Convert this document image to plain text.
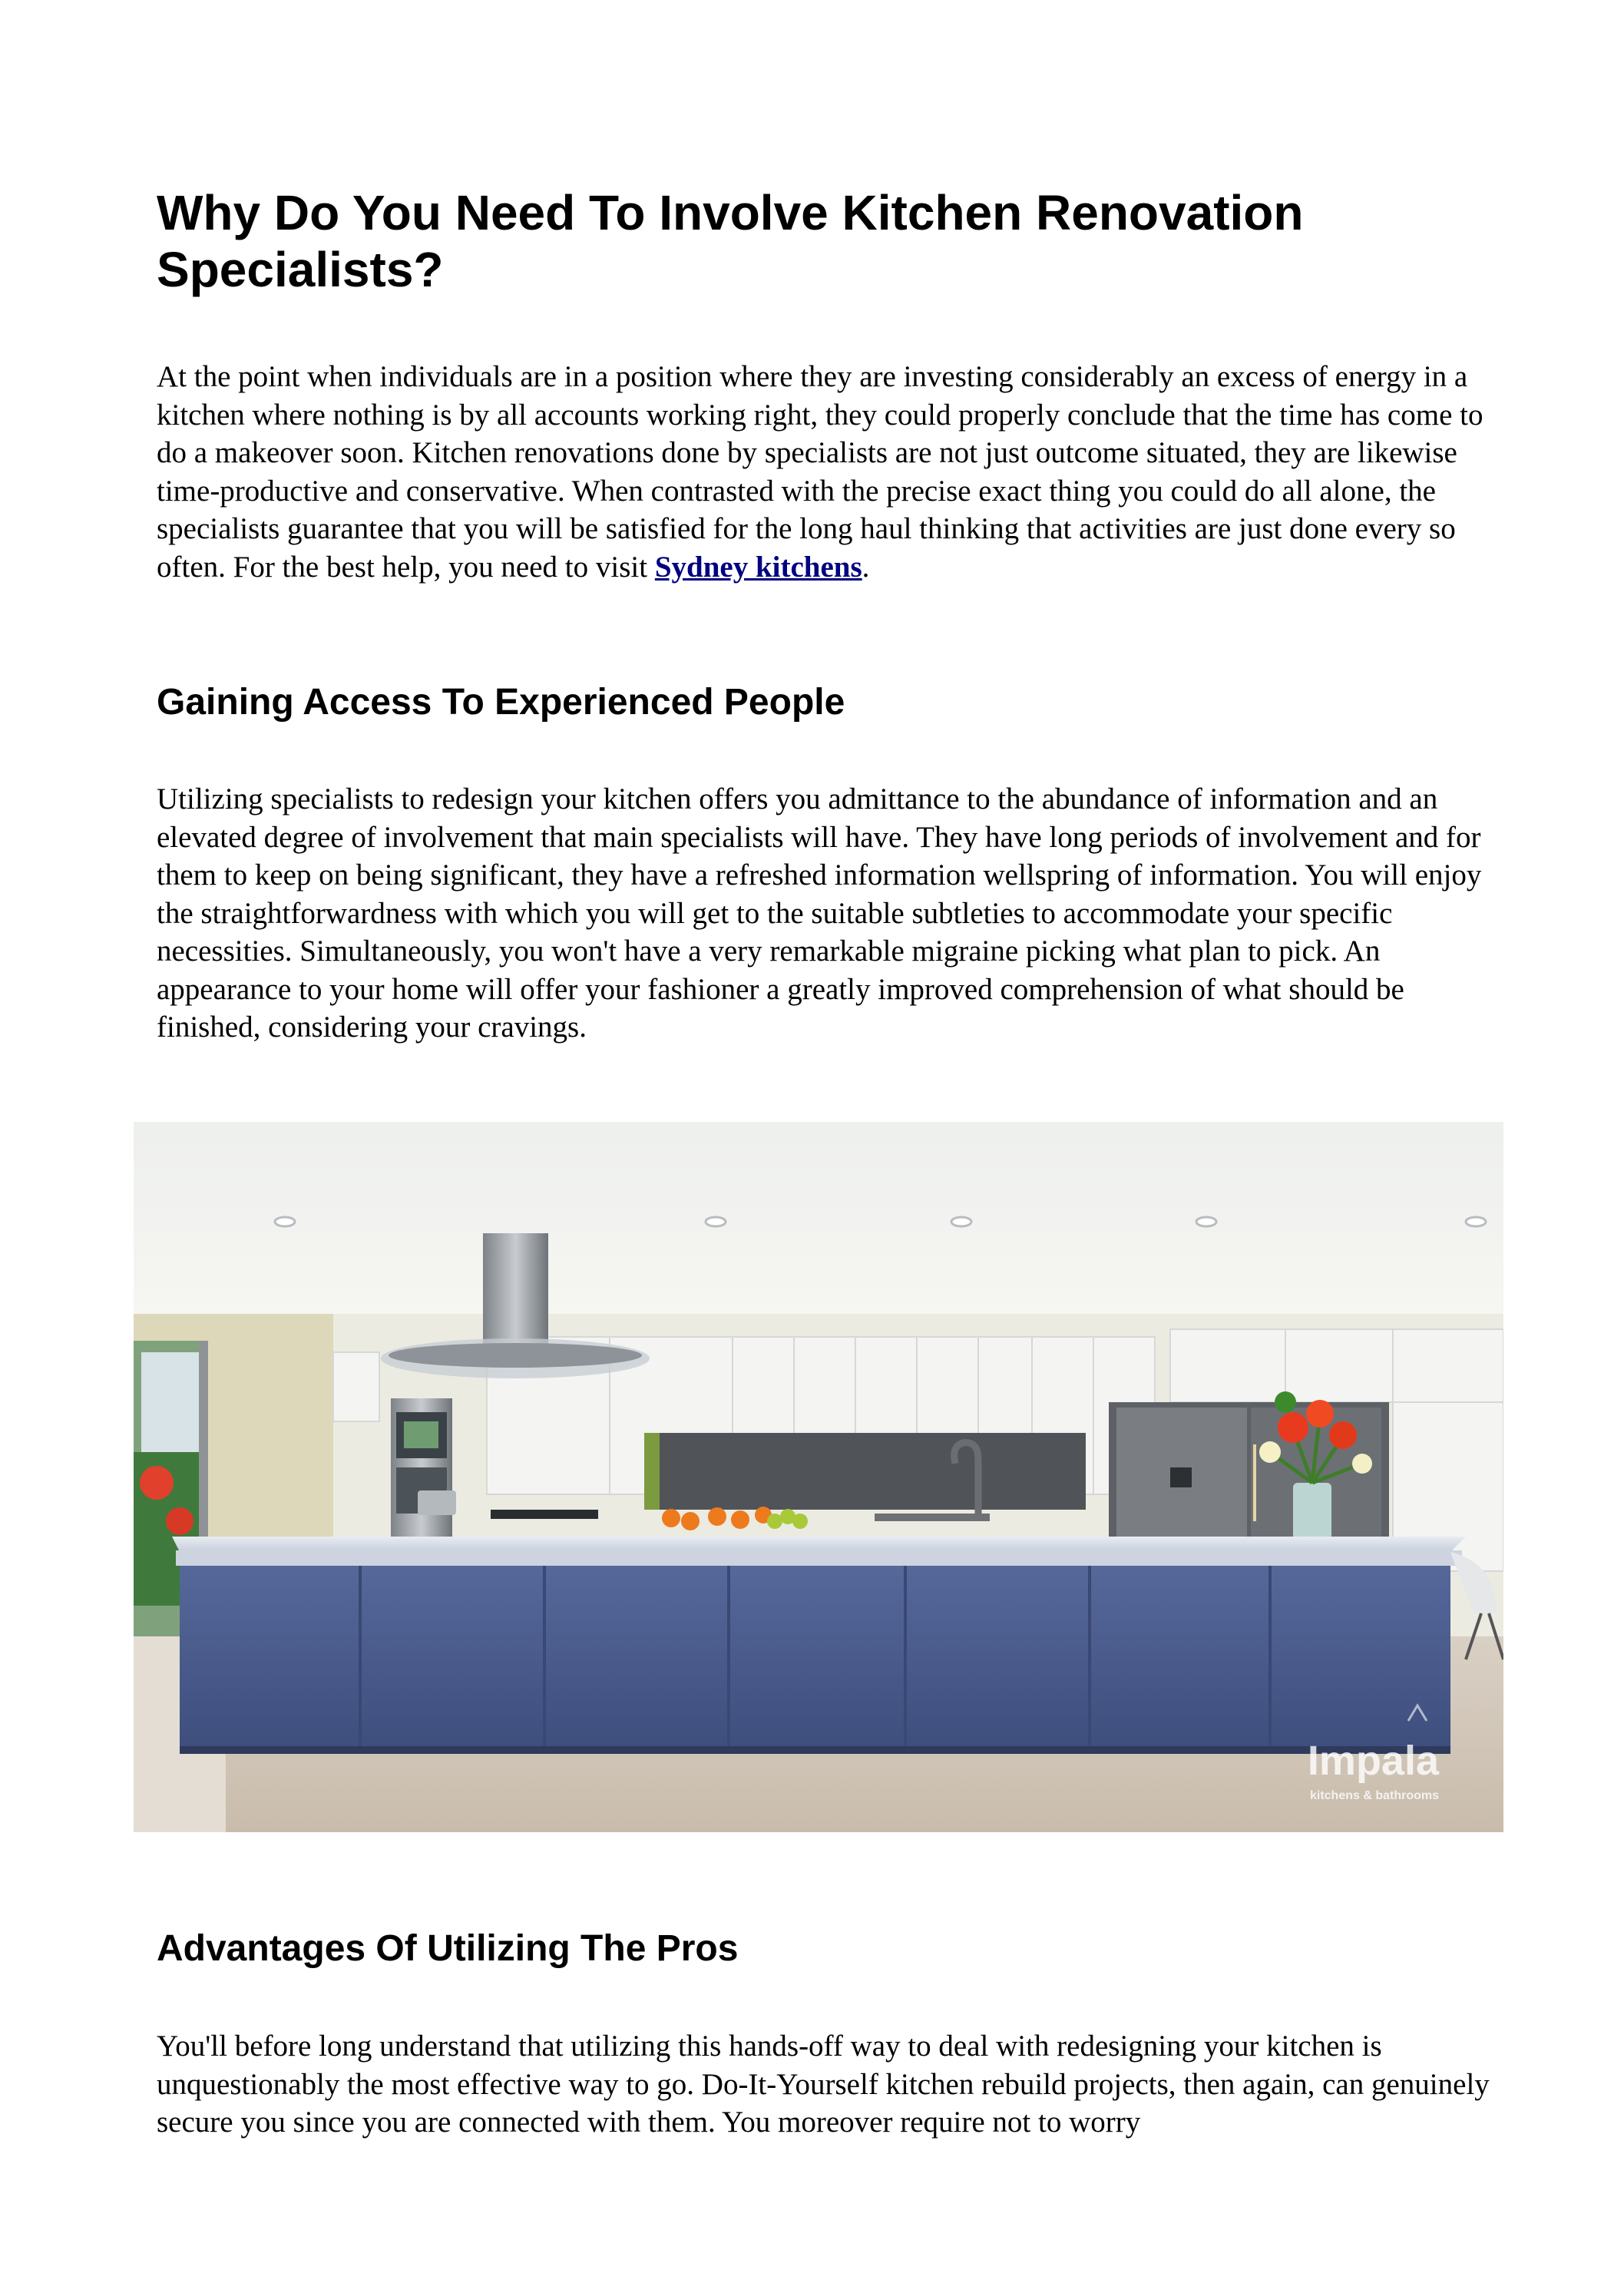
Why Do You Need To Involve Kitchen Renovation Specialists?

At the point when individuals are in a position where they are investing considerably an excess of energy in a kitchen where nothing is by all accounts working right, they could properly conclude that the time has come to do a makeover soon. Kitchen renovations done by specialists are not just outcome situated, they are likewise time-productive and conservative. When contrasted with the precise exact thing you could do all alone, the specialists guarantee that you will be satisfied for the long haul thinking that activities are just done every so often. For the best help, you need to visit Sydney kitchens.

Gaining Access To Experienced People

Utilizing specialists to redesign your kitchen offers you admittance to the abundance of information and an elevated degree of involvement that main specialists will have. They have long periods of involvement and for them to keep on being significant, they have a refreshed information wellspring of information. You will enjoy the straightforwardness with which you will get to the suitable subtleties to accommodate your specific necessities. Simultaneously, you won't have a very remarkable migraine picking what plan to pick. An appearance to your home will offer your fashioner a greatly improved comprehension of what should be finished, considering your cravings.

Impala
kitchens & bathrooms
Advantages Of Utilizing The Pros

You'll before long understand that utilizing this hands-off way to deal with redesigning your kitchen is unquestionably the most effective way to go. Do-It-Yourself kitchen rebuild projects, then again, can genuinely secure you since you are connected with them. You moreover require not to worry
